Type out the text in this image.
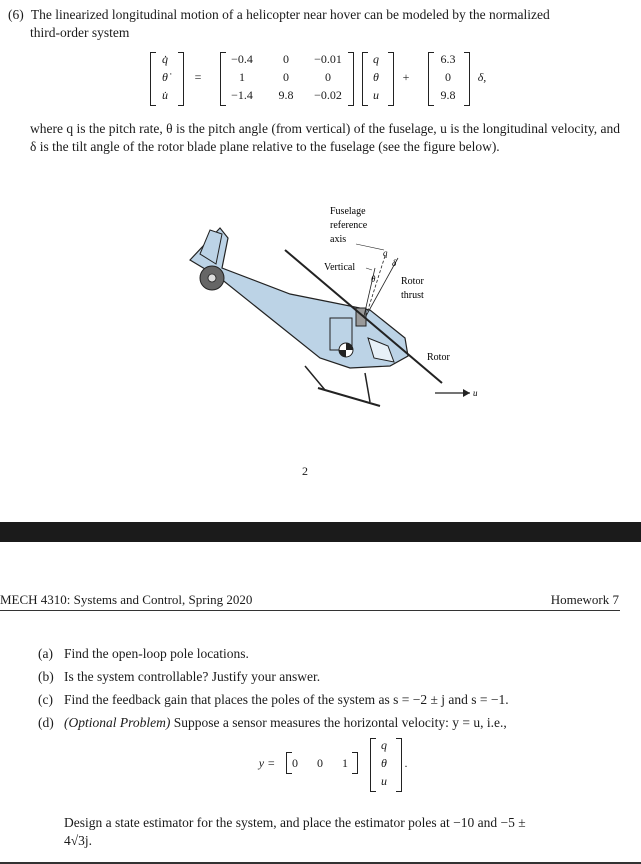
(6) The linearized longitudinal motion of a helicopter near hover can be modeled by the normalized
third-order system
q̇
θ̇
u̇
=
−0.4	0	−0.01
1	0	0
−1.4	9.8	−0.02
q
θ
u
+
6.3
0
9.8
δ,
where q is the pitch rate, θ is the pitch angle (from vertical) of the fuselage, u is the longitudinal velocity, and δ is the tilt angle of the rotor blade plane relative to the fuselage (see the figure below).
Fuselage
reference
axis
Vertical
θ
δ
q
Rotor
thrust
Rotor
u
2
MECH 4310: Systems and Control, Spring 2020	Homework 7
(a) Find the open-loop pole locations.
(b) Is the system controllable? Justify your answer.
(c) Find the feedback gain that places the poles of the system as s = −2 ± j and s = −1.
(d) (Optional Problem) Suppose a sensor measures the horizontal velocity: y = u, i.e.,
y =	0	0	1
q
θ
u
.
Design a state estimator for the system, and place the estimator poles at −10 and −5 ±
4√3j.
